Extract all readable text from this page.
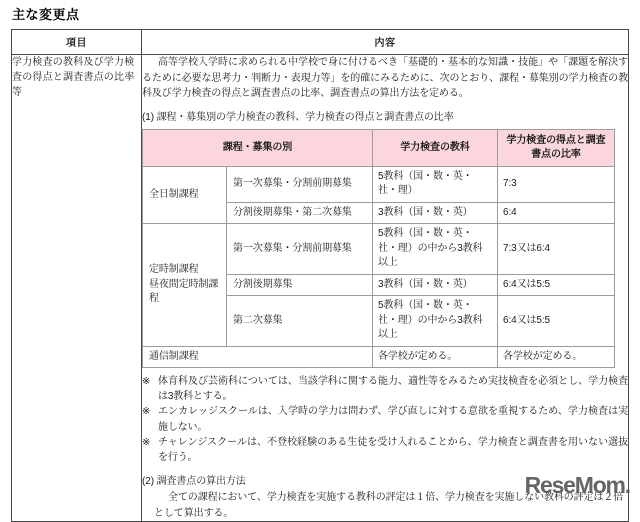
主な変更点
項目	内容
学力検査の教科及び学力検査の得点と調査書点の比率等	

高等学校入学時に求められる中学校で身に付けるべき「基礎的・基本的な知識・技能」や「課題を解決するために必要な思考力・判断力・表現力等」を的確にみるために、次のとおり、課程・募集別の学力検査の教科及び学力検査の得点と調査書点の比率、調査書点の算出方法を定める。

(1) 課程・募集別の学力検査の教科、学力検査の得点と調査書点の比率
課程・募集の別	学力検査の教科	学力検査の得点と調査書点の比率
全日制課程	第一次募集・分割前期募集	5教科（国・数・英・社・理）	7:3
分割後期募集・第二次募集	3教科（国・数・英）	6:4
定時制課程
昼夜間定時制課程	第一次募集・分割前期募集	5教科（国・数・英・社・理）の中から3教科以上	7:3又は6:4
分割後期募集	3教科（国・数・英）	6:4又は5:5
第二次募集	5教科（国・数・英・社・理）の中から3教科以上	6:4又は5:5
通信制課程	各学校が定める。	各学校が定める。
※ 体育科及び芸術科については、当該学科に関する能力、適性等をみるため実技検査を必須とし、学力検査は3教科とする。
※ エンカレッジスクールは、入学時の学力は問わず、学び直しに対する意欲を重視するため、学力検査は実施しない。
※ チャレンジスクールは、不登校経験のある生徒を受け入れることから、学力検査と調査書を用いない選抜を行う。
(2) 調査書点の算出方法

全ての課程において、学力検査を実施する教科の評定は１倍、学力検査を実施しない教科の評定は２倍として算出する。

ReseMom.
